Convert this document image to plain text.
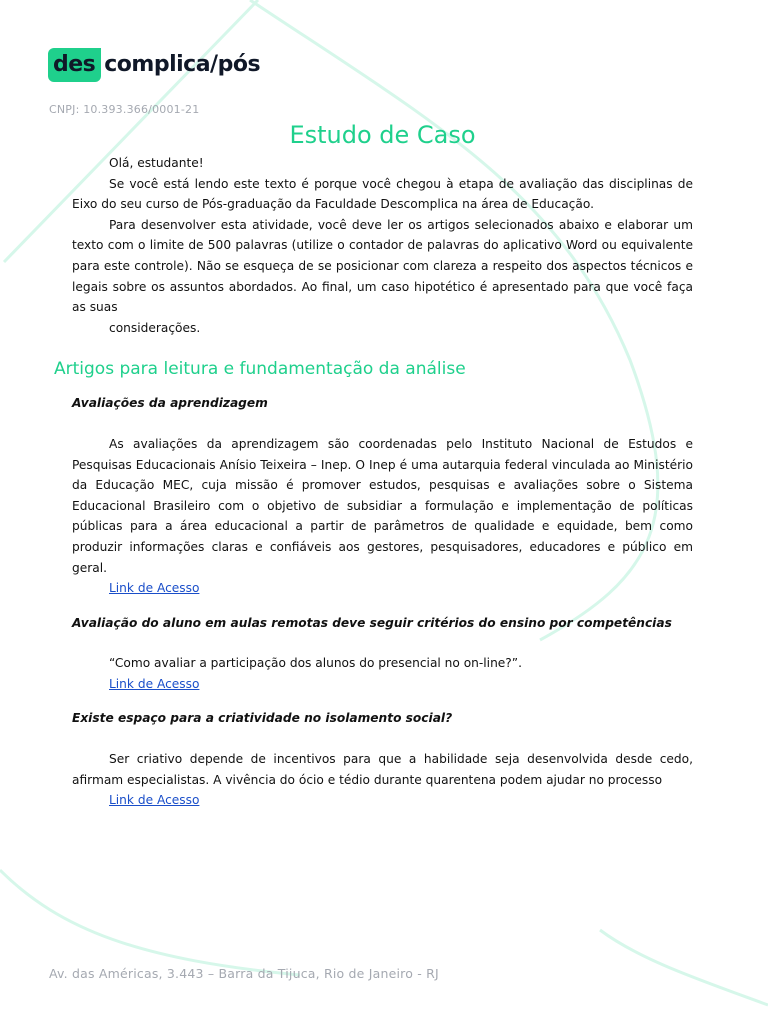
des complica/pós
CNPJ: 10.393.366/0001-21
Estudo de Caso

Olá, estudante!

Se você está lendo este texto é porque você chegou à etapa de avaliação das disciplinas de Eixo do seu curso de Pós-graduação da Faculdade Descomplica na área de Educação.

Para desenvolver esta atividade, você deve ler os artigos selecionados abaixo e elaborar um texto com o limite de 500 palavras (utilize o contador de palavras do aplicativo Word ou equivalente para este controle). Não se esqueça de se posicionar com clareza a respeito dos aspectos técnicos e legais sobre os assuntos abordados. Ao final, um caso hipotético é apresentado para que você faça as suas

considerações.

Artigos para leitura e fundamentação da análise

Avaliações da aprendizagem

As avaliações da aprendizagem são coordenadas pelo Instituto Nacional de Estudos e Pesquisas Educacionais Anísio Teixeira – Inep. O Inep é uma autarquia federal vinculada ao Ministério da Educação MEC, cuja missão é promover estudos, pesquisas e avaliações sobre o Sistema Educacional Brasileiro com o objetivo de subsidiar a formulação e implementação de políticas públicas para a área educacional a partir de parâmetros de qualidade e equidade, bem como produzir informações claras e confiáveis aos gestores, pesquisadores, educadores e público em geral.

Link de Acesso

Avaliação do aluno em aulas remotas deve seguir critérios do ensino por competências

“Como avaliar a participação dos alunos do presencial no on-line?”.

Link de Acesso

Existe espaço para a criatividade no isolamento social?

Ser criativo depende de incentivos para que a habilidade seja desenvolvida desde cedo, afirmam especialistas. A vivência do ócio e tédio durante quarentena podem ajudar no processo

Link de Acesso
Av. das Américas, 3.443 – Barra da Tijuca, Rio de Janeiro - RJ
